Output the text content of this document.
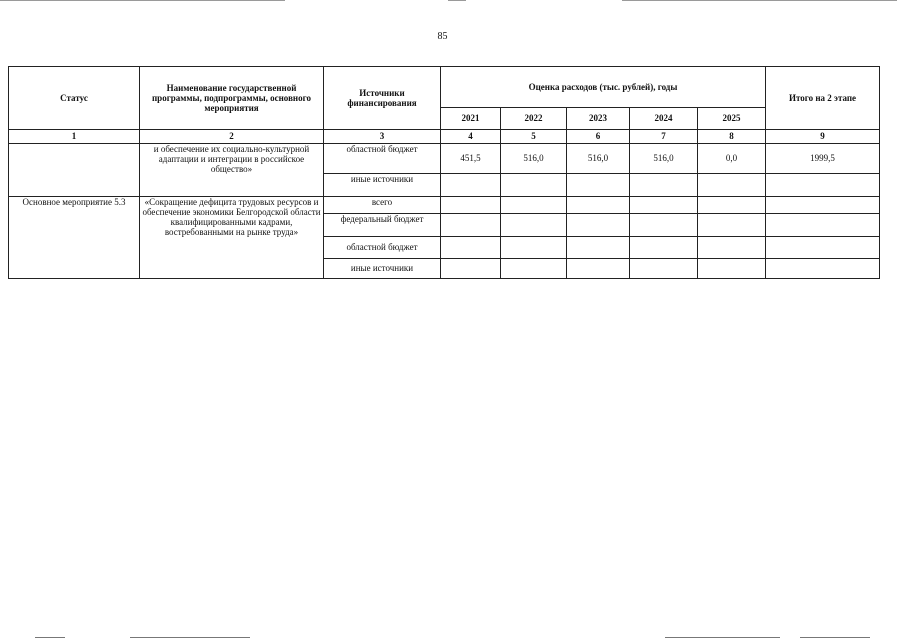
85
Статус	Наименование государственной программы, подпрограммы, основного мероприятия	Источники финансирования	Оценка расходов (тыс. рублей), годы					Итого на 2 этапе
			2021	2022	2023	2024	2025	
1	2	3	4	5	6	7	8	9
	и обеспечение их социально-культурной адаптации и интеграции в российское общество»	областной бюджет	451,5	516,0	516,0	516,0	0,0	1999,5
		иные источники						
Основное мероприятие 5.3	«Сокращение дефицита трудовых ресурсов и обеспечение экономики Белгородской области квалифицированными кадрами, востребованными на рынке труда»	всего						
		федеральный бюджет						
		областной бюджет						
		иные источники						
